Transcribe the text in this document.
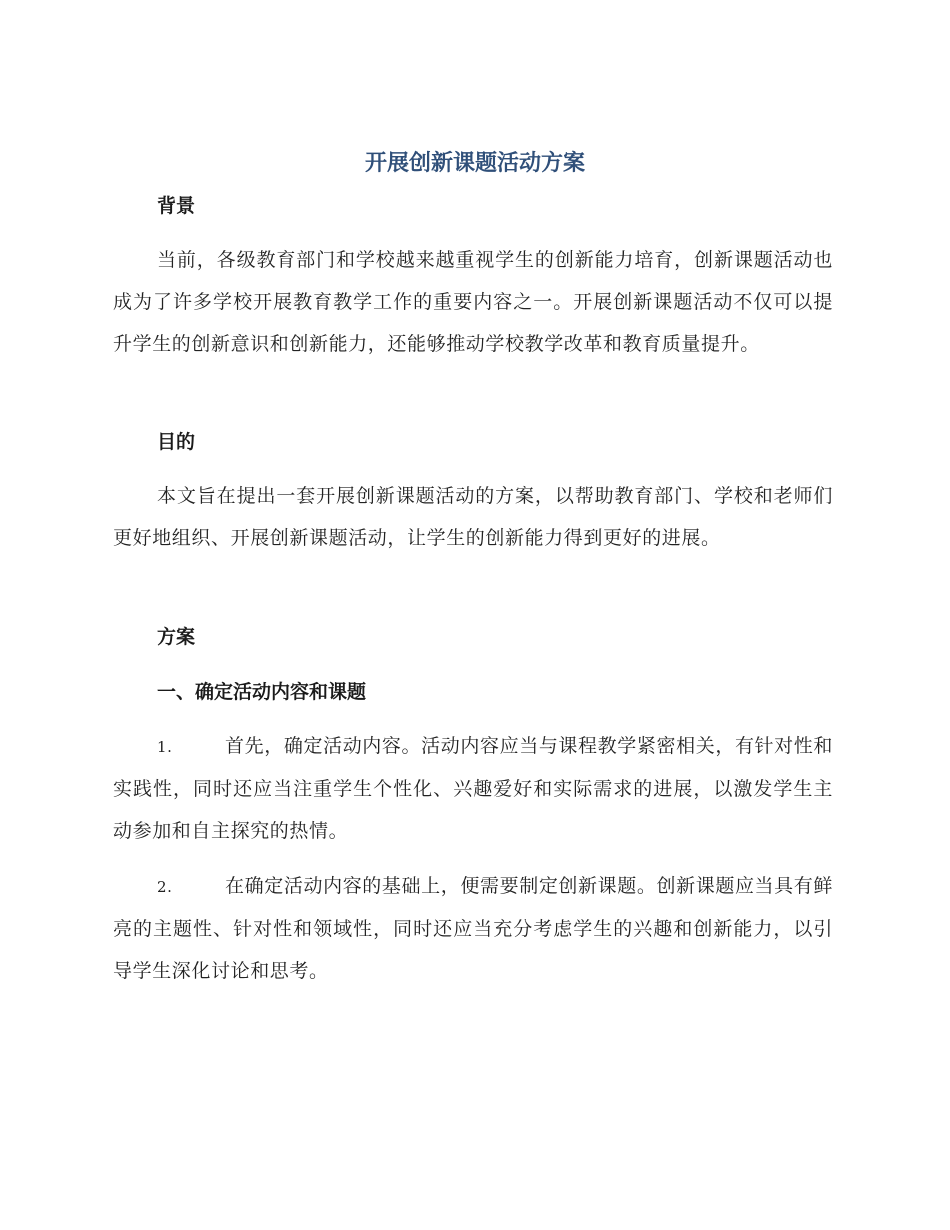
开展创新课题活动方案
背景

当前，各级教育部门和学校越来越重视学生的创新能力培育，创新课题活动也成为了许多学校开展教育教学工作的重要内容之一。开展创新课题活动不仅可以提升学生的创新意识和创新能力，还能够推动学校教学改革和教育质量提升。

目的

本文旨在提出一套开展创新课题活动的方案，以帮助教育部门、学校和老师们更好地组织、开展创新课题活动，让学生的创新能力得到更好的进展。

方案
一、确定活动内容和课题

1.	首先，确定活动内容。活动内容应当与课程教学紧密相关，有针对性和实践性，同时还应当注重学生个性化、兴趣爱好和实际需求的进展，以激发学生主动参加和自主探究的热情。

2.	在确定活动内容的基础上，便需要制定创新课题。创新课题应当具有鲜亮的主题性、针对性和领域性，同时还应当充分考虑学生的兴趣和创新能力，以引导学生深化讨论和思考。
